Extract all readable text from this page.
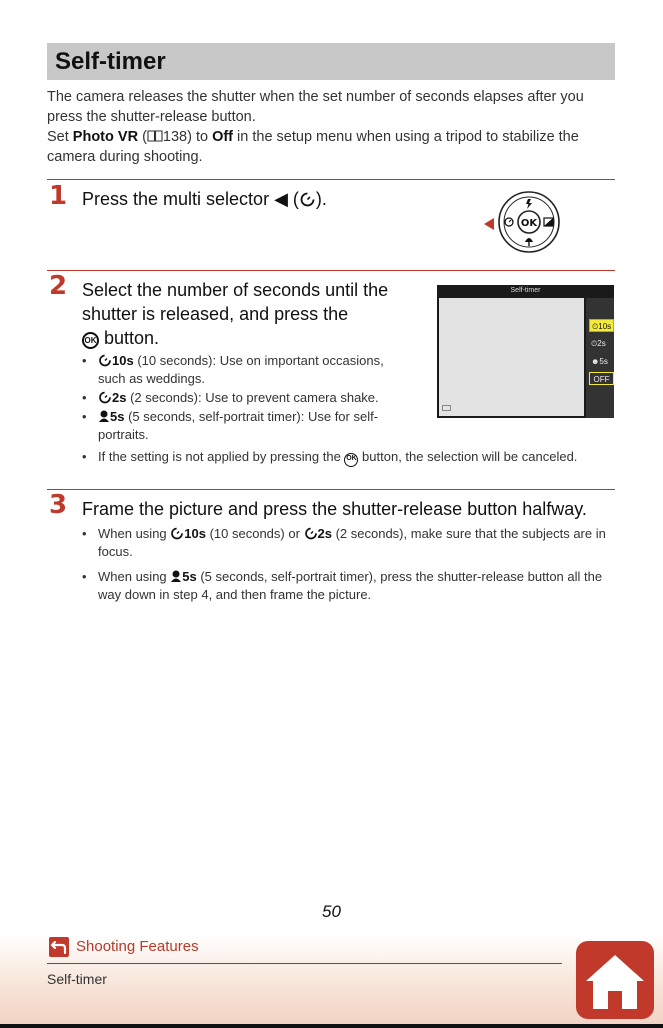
Self-timer

The camera releases the shutter when the set number of seconds elapses after you press the shutter-release button.

Set Photo VR ( 138) to Off in the setup menu when using a tripod to stabilize the camera during shooting.

1 Press the multi selector ◀ ( ).
OK
2 Select the number of seconds until the
shutter is released, and press the
OK button.
• 10s (10 seconds): Use on important occasions, such as weddings.
• 2s (2 seconds): Use to prevent camera shake.
• 5s (5 seconds, self-portrait timer): Use for self-portraits.
• If the setting is not applied by pressing the OK button, the selection will be canceled.
Self-timer
⏲10s
⏲2s
☻5s
OFF
3 Frame the picture and press the shutter-release button halfway.
• When using 10s (10 seconds) or 2s (2 seconds), make sure that the subjects are in focus.
• When using 5s (5 seconds, self-portrait timer), press the shutter-release button all the way down in step 4, and then frame the picture.
50
Shooting Features
Self-timer
